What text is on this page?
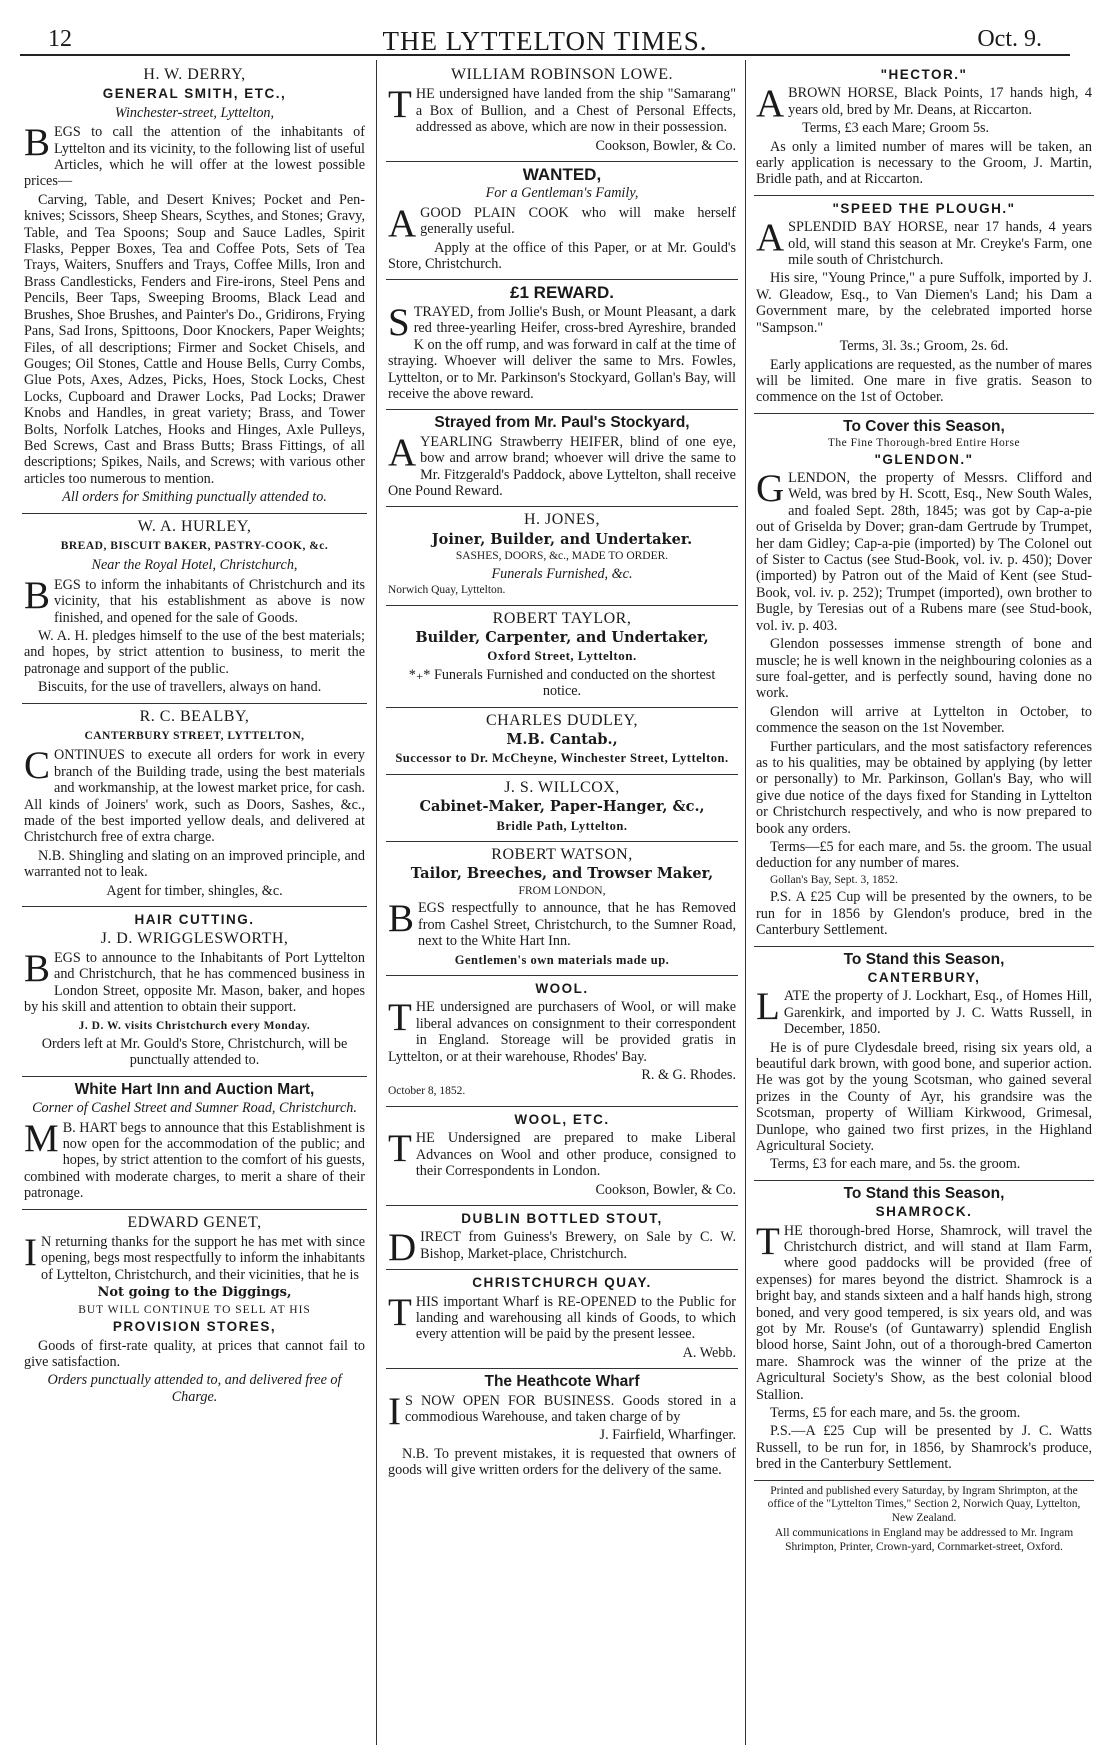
12	THE LYTTELTON TIMES.	Oct. 9.
H. W. DERRY,
GENERAL SMITH, ETC.,
Winchester-street, Lyttelton,

BEGS to call the attention of the inhabitants of Lyttelton and its vicinity, to the following list of useful Articles, which he will offer at the lowest possible prices—

Carving, Table, and Desert Knives; Pocket and Pen-knives; Scissors, Sheep Shears, Scythes, and Stones; Gravy, Table, and Tea Spoons; Soup and Sauce Ladles, Spirit Flasks, Pepper Boxes, Tea and Coffee Pots, Sets of Tea Trays, Waiters, Snuffers and Trays, Coffee Mills, Iron and Brass Candlesticks, Fenders and Fire-irons, Steel Pens and Pencils, Beer Taps, Sweeping Brooms, Black Lead and Brushes, Shoe Brushes, and Painter's Do., Gridirons, Frying Pans, Sad Irons, Spittoons, Door Knockers, Paper Weights; Files, of all descriptions; Firmer and Socket Chisels, and Gouges; Oil Stones, Cattle and House Bells, Curry Combs, Glue Pots, Axes, Adzes, Picks, Hoes, Stock Locks, Chest Locks, Cupboard and Drawer Locks, Pad Locks; Drawer Knobs and Handles, in great variety; Brass, and Tower Bolts, Norfolk Latches, Hooks and Hinges, Axle Pulleys, Bed Screws, Cast and Brass Butts; Brass Fittings, of all descriptions; Spikes, Nails, and Screws; with various other articles too numerous to mention.

All orders for Smithing punctually attended to.

W. A. HURLEY,
BREAD, BISCUIT BAKER, PASTRY-COOK, &c.
Near the Royal Hotel, Christchurch,

BEGS to inform the inhabitants of Christchurch and its vicinity, that his establishment as above is now finished, and opened for the sale of Goods.

W. A. H. pledges himself to the use of the best materials; and hopes, by strict attention to business, to merit the patronage and support of the public.

Biscuits, for the use of travellers, always on hand.

R. C. BEALBY,
CANTERBURY STREET, LYTTELTON,

CONTINUES to execute all orders for work in every branch of the Building trade, using the best materials and workmanship, at the lowest market price, for cash. All kinds of Joiners' work, such as Doors, Sashes, &c., made of the best imported yellow deals, and delivered at Christchurch free of extra charge.

N.B. Shingling and slating on an improved principle, and warranted not to leak.

Agent for timber, shingles, &c.

HAIR CUTTING.
J. D. WRIGGLESWORTH,

BEGS to announce to the Inhabitants of Port Lyttelton and Christchurch, that he has commenced business in London Street, opposite Mr. Mason, baker, and hopes by his skill and attention to obtain their support.

J. D. W. visits Christchurch every Monday.

Orders left at Mr. Gould's Store, Christchurch, will be punctually attended to.

White Hart Inn and Auction Mart,
Corner of Cashel Street and Sumner Road, Christchurch.

M B. HART begs to announce that this Establishment is now open for the accommodation of the public; and hopes, by strict attention to the comfort of his guests, combined with moderate charges, to merit a share of their patronage.

EDWARD GENET,

I N returning thanks for the support he has met with since opening, begs most respectfully to inform the inhabitants of Lyttelton, Christchurch, and their vicinities, that he is

Not going to the Diggings,

BUT WILL CONTINUE TO SELL AT HIS

PROVISION STORES,

Goods of first-rate quality, at prices that cannot fail to give satisfaction.

Orders punctually attended to, and delivered free of Charge.

WILLIAM ROBINSON LOWE.

THE undersigned have landed from the ship "Samarang" a Box of Bullion, and a Chest of Personal Effects, addressed as above, which are now in their possession.

Cookson, Bowler, & Co.

WANTED,
For a Gentleman's Family,

AGOOD PLAIN COOK who will make herself generally useful.

Apply at the office of this Paper, or at Mr. Gould's Store, Christchurch.

£1 REWARD.

STRAYED, from Jollie's Bush, or Mount Pleasant, a dark red three-yearling Heifer, cross-bred Ayreshire, branded K on the off rump, and was forward in calf at the time of straying. Whoever will deliver the same to Mrs. Fowles, Lyttelton, or to Mr. Parkinson's Stockyard, Gollan's Bay, will receive the above reward.

Strayed from Mr. Paul's Stockyard,

AYEARLING Strawberry HEIFER, blind of one eye, bow and arrow brand; whoever will drive the same to Mr. Fitzgerald's Paddock, above Lyttelton, shall receive One Pound Reward.

H. JONES,
Joiner, Builder, and Undertaker.

SASHES, DOORS, &c., MADE TO ORDER.

Funerals Furnished, &c.

Norwich Quay, Lyttelton.

ROBERT TAYLOR,
Builder, Carpenter, and Undertaker,

Oxford Street, Lyttelton.

*₊* Funerals Furnished and conducted on the shortest notice.

CHARLES DUDLEY,
M.B. Cantab.,

Successor to Dr. McCheyne, Winchester Street, Lyttelton.

J. S. WILLCOX,
Cabinet-Maker, Paper-Hanger, &c.,

Bridle Path, Lyttelton.

ROBERT WATSON,
Tailor, Breeches, and Trowser Maker,

FROM LONDON,

BEGS respectfully to announce, that he has Removed from Cashel Street, Christchurch, to the Sumner Road, next to the White Hart Inn.

Gentlemen's own materials made up.

WOOL.

THE undersigned are purchasers of Wool, or will make liberal advances on consignment to their correspondent in England. Storeage will be provided gratis in Lyttelton, or at their warehouse, Rhodes' Bay.

R. & G. Rhodes.

October 8, 1852.

WOOL, ETC.

THE Undersigned are prepared to make Liberal Advances on Wool and other produce, consigned to their Correspondents in London.

Cookson, Bowler, & Co.

DUBLIN BOTTLED STOUT,

DIRECT from Guiness's Brewery, on Sale by C. W. Bishop, Market-place, Christchurch.

CHRISTCHURCH QUAY.

THIS important Wharf is RE-OPENED to the Public for landing and warehousing all kinds of Goods, to which every attention will be paid by the present lessee.

A. Webb.

The Heathcote Wharf

I S NOW OPEN FOR BUSINESS. Goods stored in a commodious Warehouse, and taken charge of by

J. Fairfield, Wharfinger.

N.B. To prevent mistakes, it is requested that owners of goods will give written orders for the delivery of the same.

"HECTOR."

ABROWN HORSE, Black Points, 17 hands high, 4 years old, bred by Mr. Deans, at Riccarton.

Terms, £3 each Mare; Groom 5s.

As only a limited number of mares will be taken, an early application is necessary to the Groom, J. Martin, Bridle path, and at Riccarton.

"SPEED THE PLOUGH."

ASPLENDID BAY HORSE, near 17 hands, 4 years old, will stand this season at Mr. Creyke's Farm, one mile south of Christchurch.

His sire, "Young Prince," a pure Suffolk, imported by J. W. Gleadow, Esq., to Van Diemen's Land; his Dam a Government mare, by the celebrated imported horse "Sampson."

Terms, 3l. 3s.; Groom, 2s. 6d.

Early applications are requested, as the number of mares will be limited. One mare in five gratis. Season to commence on the 1st of October.

To Cover this Season,
The Fine Thorough-bred Entire Horse
"GLENDON."

GLENDON, the property of Messrs. Clifford and Weld, was bred by H. Scott, Esq., New South Wales, and foaled Sept. 28th, 1845; was got by Cap-a-pie out of Griselda by Dover; gran-dam Gertrude by Trumpet, her dam Gidley; Cap-a-pie (imported) by The Colonel out of Sister to Cactus (see Stud-Book, vol. iv. p. 450); Dover (imported) by Patron out of the Maid of Kent (see Stud-Book, vol. iv. p. 252); Trumpet (imported), own brother to Bugle, by Teresias out of a Rubens mare (see Stud-book, vol. iv. p. 403.

Glendon possesses immense strength of bone and muscle; he is well known in the neighbouring colonies as a sure foal-getter, and is perfectly sound, having done no work.

Glendon will arrive at Lyttelton in October, to commence the season on the 1st November.

Further particulars, and the most satisfactory references as to his qualities, may be obtained by applying (by letter or personally) to Mr. Parkinson, Gollan's Bay, who will give due notice of the days fixed for Standing in Lyttelton or Christchurch respectively, and who is now prepared to book any orders.

Terms—£5 for each mare, and 5s. the groom. The usual deduction for any number of mares.

Gollan's Bay, Sept. 3, 1852.

P.S. A £25 Cup will be presented by the owners, to be run for in 1856 by Glendon's produce, bred in the Canterbury Settlement.

To Stand this Season,
CANTERBURY,

LATE the property of J. Lockhart, Esq., of Homes Hill, Garenkirk, and imported by J. C. Watts Russell, in December, 1850.

He is of pure Clydesdale breed, rising six years old, a beautiful dark brown, with good bone, and superior action. He was got by the young Scotsman, who gained several prizes in the County of Ayr, his grandsire was the Scotsman, property of William Kirkwood, Grimesal, Dunlope, who gained two first prizes, in the Highland Agricultural Society.

Terms, £3 for each mare, and 5s. the groom.

To Stand this Season,
SHAMROCK.

THE thorough-bred Horse, Shamrock, will travel the Christchurch district, and will stand at Ilam Farm, where good paddocks will be provided (free of expenses) for mares beyond the district. Shamrock is a bright bay, and stands sixteen and a half hands high, strong boned, and very good tempered, is six years old, and was got by Mr. Rouse's (of Guntawarry) splendid English blood horse, Saint John, out of a thorough-bred Camerton mare. Shamrock was the winner of the prize at the Agricultural Society's Show, as the best colonial blood Stallion.

Terms, £5 for each mare, and 5s. the groom.

P.S.—A £25 Cup will be presented by J. C. Watts Russell, to be run for, in 1856, by Shamrock's produce, bred in the Canterbury Settlement.

Printed and published every Saturday, by Ingram Shrimpton, at the office of the "Lyttelton Times," Section 2, Norwich Quay, Lyttelton, New Zealand.

All communications in England may be addressed to Mr. Ingram Shrimpton, Printer, Crown-yard, Cornmarket-street, Oxford.
